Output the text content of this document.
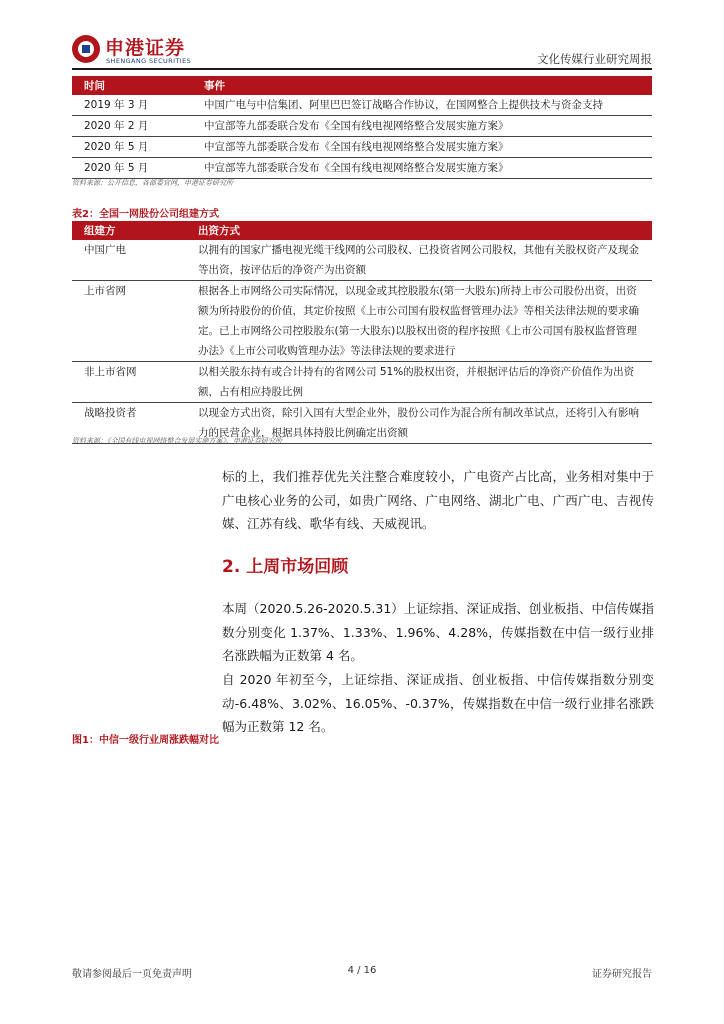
申港证券
SHENGANG SECURITIES	文化传媒行业研究周报
时间	事件
2019 年 3 月	中国广电与中信集团、阿里巴巴签订战略合作协议，在国网整合上提供技术与资金支持
2020 年 2 月	中宣部等九部委联合发布《全国有线电视网络整合发展实施方案》
2020 年 5 月	中宣部等九部委联合发布《全国有线电视网络整合发展实施方案》
2020 年 5 月	中宣部等九部委联合发布《全国有线电视网络整合发展实施方案》
资料来源：公开信息，各部委官网，申港证券研究所
表2：全国一网股份公司组建方式
组建方	出资方式
中国广电	以拥有的国家广播电视光缆干线网的公司股权、已投资省网公司股权，其他有关股权资产及现金等出资，按评估后的净资产为出资额
上市省网	根据各上市网络公司实际情况，以现金或其控股股东(第一大股东)所持上市公司股份出资，出资额为所持股份的价值，其定价按照《上市公司国有股权监督管理办法》等相关法律法规的要求确定。已上市网络公司控股股东(第一大股东)以股权出资的程序按照《上市公司国有股权监督管理办法》《上市公司收购管理办法》等法律法规的要求进行
非上市省网	以相关股东持有或合计持有的省网公司 51%的股权出资，并根据评估后的净资产价值作为出资额，占有相应持股比例
战略投资者	以现金方式出资，除引入国有大型企业外，股份公司作为混合所有制改革试点，还将引入有影响力的民营企业，根据具体持股比例确定出资额
资料来源：《全国有线电视网络整合发展实施方案》，申港证券研究所
标的上，我们推荐优先关注整合难度较小，广电资产占比高，业务相对集中于广电核心业务的公司，如贵广网络、广电网络、湖北广电、广西广电、吉视传媒、江苏有线、歌华有线、天威视讯。
2. 上周市场回顾
本周（2020.5.26-2020.5.31）上证综指、深证成指、创业板指、中信传媒指数分别变化 1.37%、1.33%、1.96%、4.28%，传媒指数在中信一级行业排名涨跌幅为正数第 4 名。
自 2020 年初至今，上证综指、深证成指、创业板指、中信传媒指数分别变动-6.48%、3.02%、16.05%、-0.37%，传媒指数在中信一级行业排名涨跌幅为正数第 12 名。
图1：中信一级行业周涨跌幅对比
敬请参阅最后一页免责声明	4 / 16	证券研究报告
